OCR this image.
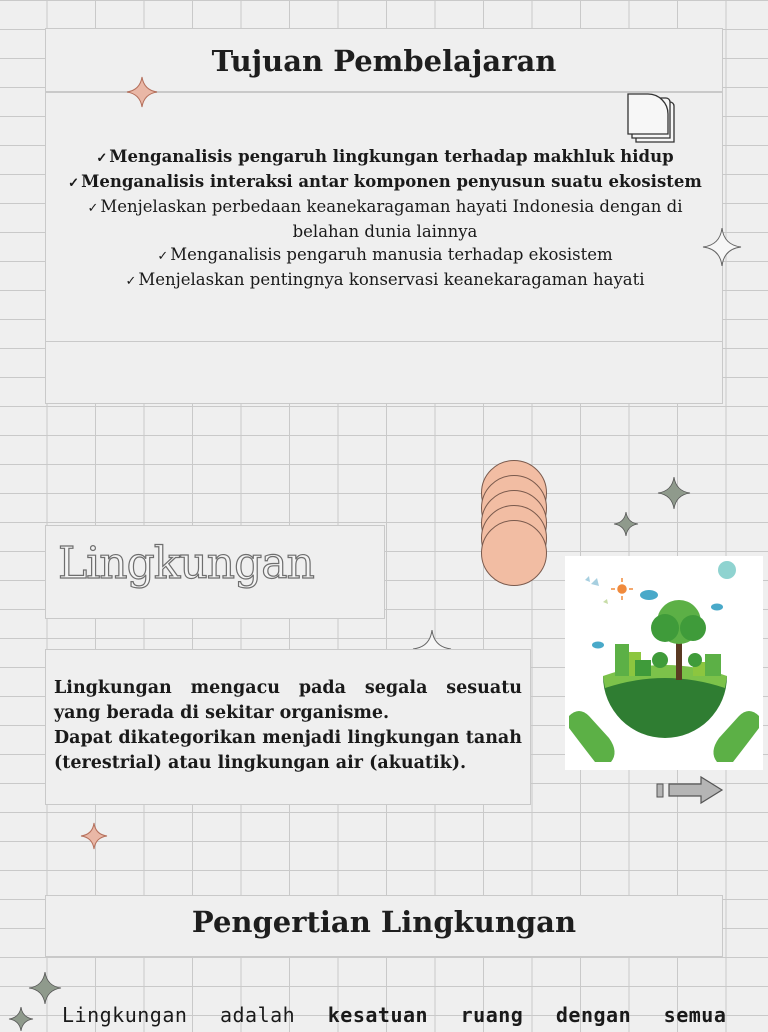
Tujuan Pembelajaran
✓ Menganalisis pengaruh lingkungan terhadap makhluk hidup
✓ Menganalisis interaksi antar komponen penyusun suatu ekosistem
✓ Menjelaskan perbedaan keanekaragaman hayati Indonesia dengan di belahan dunia lainnya
✓ Menganalisis pengaruh manusia terhadap ekosistem
✓ Menjelaskan pentingnya konservasi keanekaragaman hayati
Lingkungan

Lingkungan mengacu pada segala sesuatu yang berada di sekitar organisme.

Dapat dikategorikan menjadi lingkungan tanah (terestrial) atau lingkungan air (akuatik).

Pengertian Lingkungan
Lingkungan adalah kesatuan ruang dengan semua
